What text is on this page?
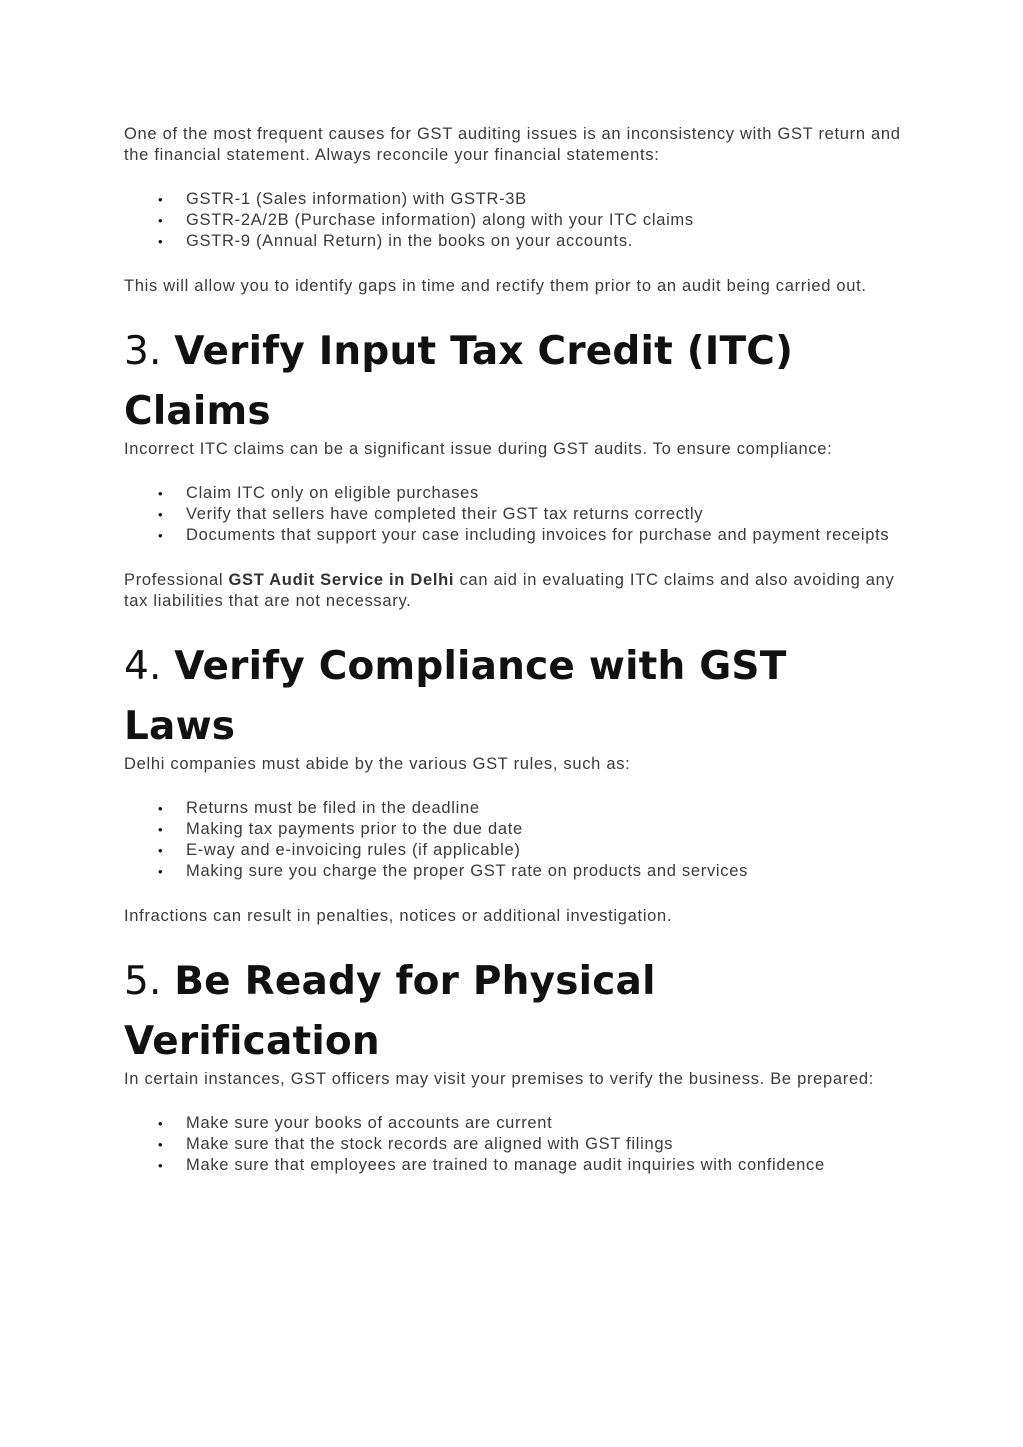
One of the most frequent causes for GST auditing issues is an inconsistency with GST return and the financial statement. Always reconcile your financial statements:

• GSTR-1 (Sales information) with GSTR-3B
• GSTR-2A/2B (Purchase information) along with your ITC claims
• GSTR-9 (Annual Return) in the books on your accounts.

This will allow you to identify gaps in time and rectify them prior to an audit being carried out.

3. Verify Input Tax Credit (ITC) Claims

Incorrect ITC claims can be a significant issue during GST audits. To ensure compliance:

• Claim ITC only on eligible purchases
• Verify that sellers have completed their GST tax returns correctly
• Documents that support your case including invoices for purchase and payment receipts

Professional GST Audit Service in Delhi can aid in evaluating ITC claims and also avoiding any tax liabilities that are not necessary.

4. Verify Compliance with GST Laws

Delhi companies must abide by the various GST rules, such as:

• Returns must be filed in the deadline
• Making tax payments prior to the due date
• E-way and e-invoicing rules (if applicable)
• Making sure you charge the proper GST rate on products and services

Infractions can result in penalties, notices or additional investigation.

5. Be Ready for Physical Verification

In certain instances, GST officers may visit your premises to verify the business. Be prepared:

• Make sure your books of accounts are current
• Make sure that the stock records are aligned with GST filings
• Make sure that employees are trained to manage audit inquiries with confidence
